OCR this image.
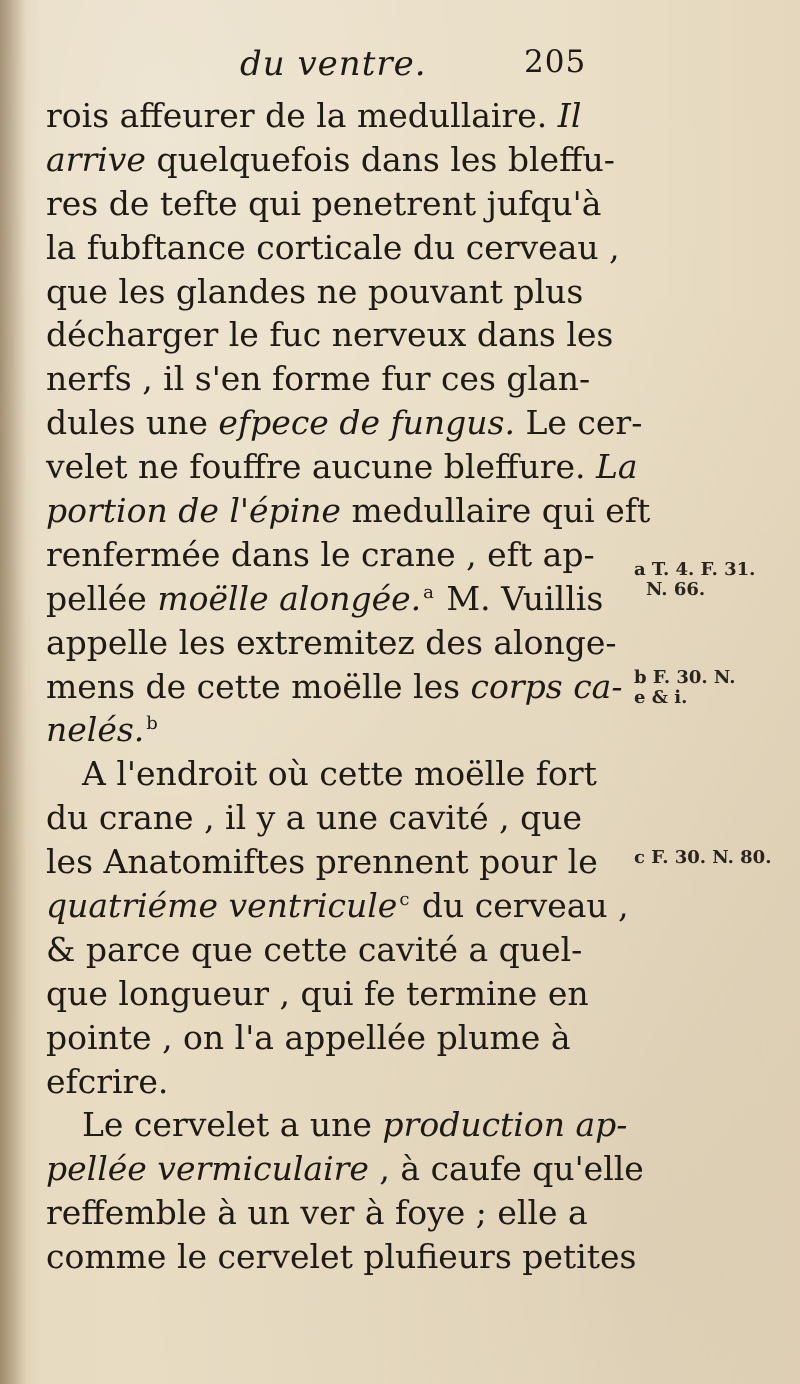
du ventre.	205
rois affeurer de la medullaire. Il
arrive quelquefois dans les bleffu-
res de tefte qui penetrent jufqu'à
la fubftance corticale du cerveau ,
que les glandes ne pouvant plus
décharger le fuc nerveux dans les
nerfs , il s'en forme fur ces glan-
dules une efpece de fungus. Le cer-
velet ne fouffre aucune bleffure. La
portion de l'épine medullaire qui eft
renfermée dans le crane , eft ap-
pellée moëlle alongée. $^a$ M. Vuillis
appelle les extremitez des alonge-
mens de cette moëlle les corps ca-
nelés. $^b$
A l'endroit où cette moëlle fort
du crane , il y a une cavité , que
les Anatomiftes prennent pour le
quatriéme ventricule $^c$ du cerveau ,
& parce que cette cavité a quel-
que longueur , qui fe termine en
pointe , on l'a appellée plume à
efcrire.
Le cervelet a une production ap-
pellée vermiculaire , à caufe qu'elle
reffemble à un ver à foye ; elle a
comme le cervelet plufieurs petites
a T. 4. F. 31.
N. 66.
b F. 30. N.
e & i.
c F. 30. N. 80.
